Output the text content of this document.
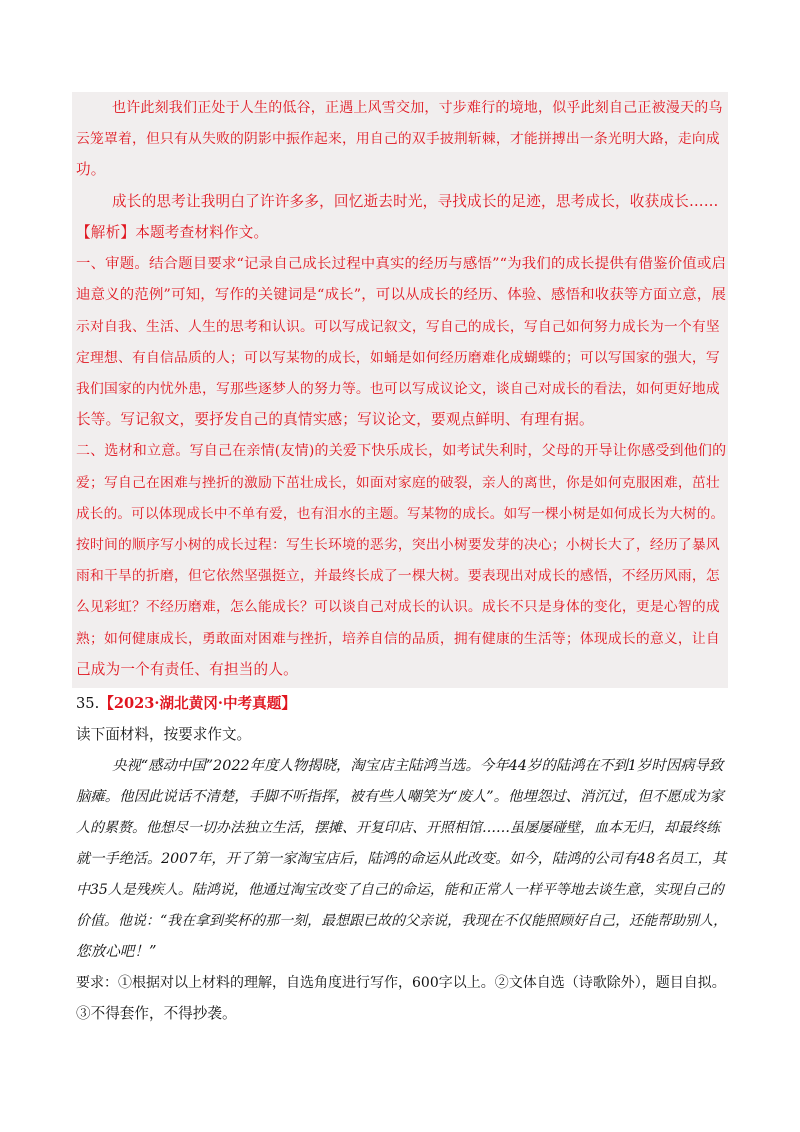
也许此刻我们正处于人生的低谷，正遇上风雪交加，寸步难行的境地，似乎此刻自己正被漫天的乌
云笼罩着，但只有从失败的阴影中振作起来，用自己的双手披荆斩棘，才能拼搏出一条光明大路，走向成
功。
成长的思考让我明白了许许多多，回忆逝去时光，寻找成长的足迹，思考成长，收获成长……
【解析】本题考查材料作文。
一、审题。结合题目要求“记录自己成长过程中真实的经历与感悟”“为我们的成长提供有借鉴价值或启
迪意义的范例”可知，写作的关键词是“成长”，可以从成长的经历、体验、感悟和收获等方面立意，展
示对自我、生活、人生的思考和认识。可以写成记叙文，写自己的成长，写自己如何努力成长为一个有坚
定理想、有自信品质的人；可以写某物的成长，如蛹是如何经历磨难化成蝴蝶的；可以写国家的强大，写
我们国家的内忧外患，写那些逐梦人的努力等。也可以写成议论文，谈自己对成长的看法，如何更好地成
长等。写记叙文，要抒发自己的真情实感；写议论文，要观点鲜明、有理有据。
二、选材和立意。写自己在亲情(友情)的关爱下快乐成长，如考试失利时，父母的开导让你感受到他们的
爱；写自己在困难与挫折的激励下茁壮成长，如面对家庭的破裂，亲人的离世，你是如何克服困难，茁壮
成长的。可以体现成长中不单有爱，也有泪水的主题。写某物的成长。如写一棵小树是如何成长为大树的。
按时间的顺序写小树的成长过程：写生长环境的恶劣，突出小树要发芽的决心；小树长大了，经历了暴风
雨和干旱的折磨，但它依然坚强挺立，并最终长成了一棵大树。要表现出对成长的感悟，不经历风雨，怎
么见彩虹？不经历磨难，怎么能成长？可以谈自己对成长的认识。成长不只是身体的变化，更是心智的成
熟；如何健康成长，勇敢面对困难与挫折，培养自信的品质，拥有健康的生活等；体现成长的意义，让自
己成为一个有责任、有担当的人。
35.【2023·湖北黄冈·中考真题】
读下面材料，按要求作文。
央视“感动中国”2022年度人物揭晓，淘宝店主陆鸿当选。今年44岁的陆鸿在不到1岁时因病导致
脑瘫。他因此说话不清楚，手脚不听指挥，被有些人嘲笑为“废人”。他埋怨过、消沉过，但不愿成为家
人的累赘。他想尽一切办法独立生活，摆摊、开复印店、开照相馆……虽屡屡碰壁，血本无归，却最终练
就一手绝活。2007年，开了第一家淘宝店后，陆鸿的命运从此改变。如今，陆鸿的公司有48名员工，其
中35人是残疾人。陆鸿说，他通过淘宝改变了自己的命运，能和正常人一样平等地去谈生意，实现自己的
价值。他说：“我在拿到奖杯的那一刻，最想跟已故的父亲说，我现在不仅能照顾好自己，还能帮助别人，
您放心吧！”
要求：①根据对以上材料的理解，自选角度进行写作，600字以上。②文体自选（诗歌除外），题目自拟。
③不得套作，不得抄袭。
